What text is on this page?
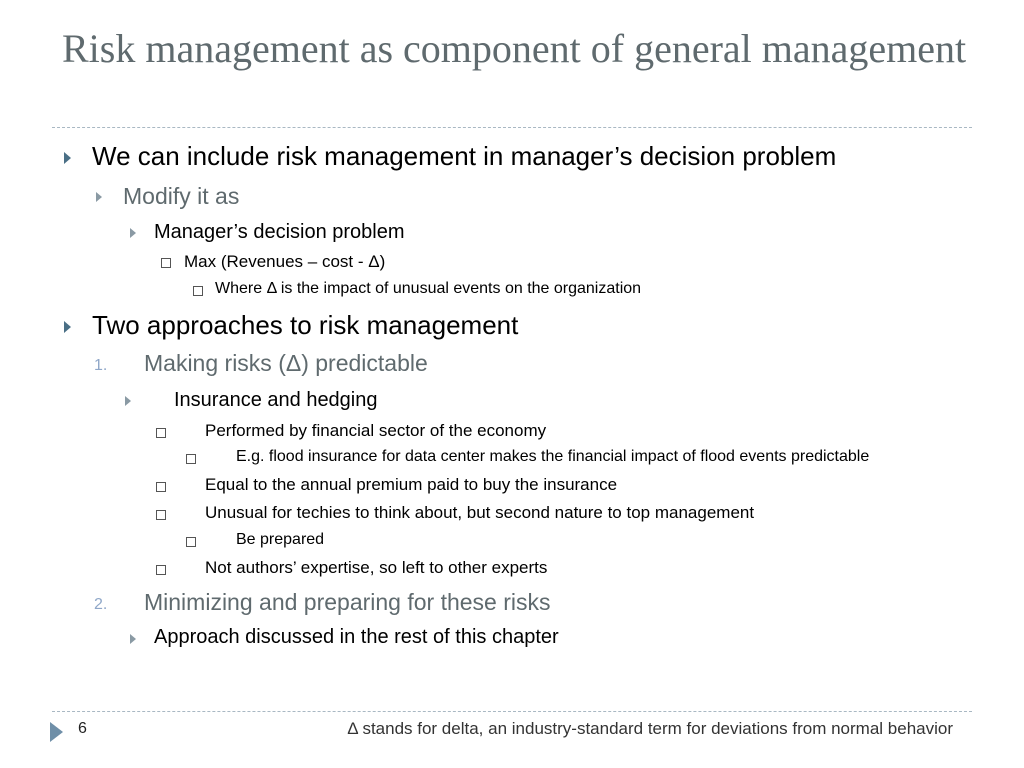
Risk management as component of general management
We can include risk management in manager’s decision problem
Modify it as
Manager’s decision problem
Max (Revenues – cost - Δ)
Where Δ is the impact of unusual events on the organization
Two approaches to risk management
1. Making risks (Δ) predictable
Insurance and hedging
Performed by financial sector of the economy
E.g. flood insurance for data center makes the financial impact of flood events predictable
Equal to the annual premium paid to buy the insurance
Unusual for techies to think about, but second nature to top management
Be prepared
Not authors’ expertise, so left to other experts
2. Minimizing and preparing for these risks
Approach discussed in the rest of this chapter
6	Δ stands for delta, an industry-standard term for deviations from normal behavior
